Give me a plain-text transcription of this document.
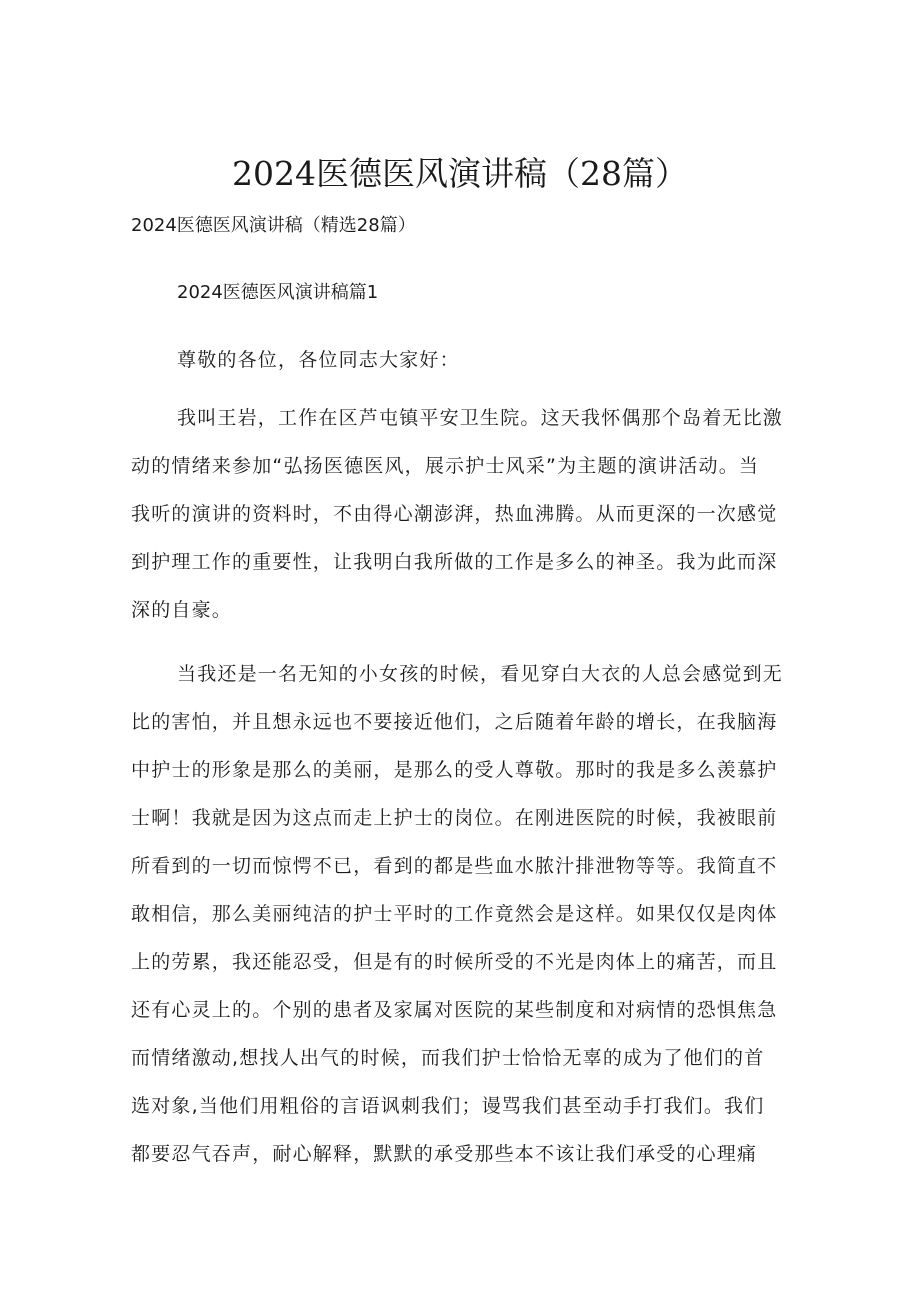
2024医德医风演讲稿（28篇）
2024医德医风演讲稿（精选28篇）
2024医德医风演讲稿篇1
尊敬的各位，各位同志大家好：
我叫王岩，工作在区芦屯镇平安卫生院。这天我怀偶那个岛着无比激
动的情绪来参加“弘扬医德医风，展示护士风采”为主题的演讲活动。当
我听的演讲的资料时，不由得心潮澎湃，热血沸腾。从而更深的一次感觉
到护理工作的重要性，让我明白我所做的工作是多么的神圣。我为此而深
深的自豪。
当我还是一名无知的小女孩的时候，看见穿白大衣的人总会感觉到无
比的害怕，并且想永远也不要接近他们，之后随着年龄的增长，在我脑海
中护士的形象是那么的美丽，是那么的受人尊敬。那时的我是多么羡慕护
士啊！我就是因为这点而走上护士的岗位。在刚进医院的时候，我被眼前
所看到的一切而惊愕不已，看到的都是些血水脓汁排泄物等等。我简直不
敢相信，那么美丽纯洁的护士平时的工作竟然会是这样。如果仅仅是肉体
上的劳累，我还能忍受，但是有的时候所受的不光是肉体上的痛苦，而且
还有心灵上的。个别的患者及家属对医院的某些制度和对病情的恐惧焦急
而情绪激动,想找人出气的时候，而我们护士恰恰无辜的成为了他们的首
选对象,当他们用粗俗的言语讽刺我们；谩骂我们甚至动手打我们。我们
都要忍气吞声，耐心解释，默默的承受那些本不该让我们承受的心理痛
